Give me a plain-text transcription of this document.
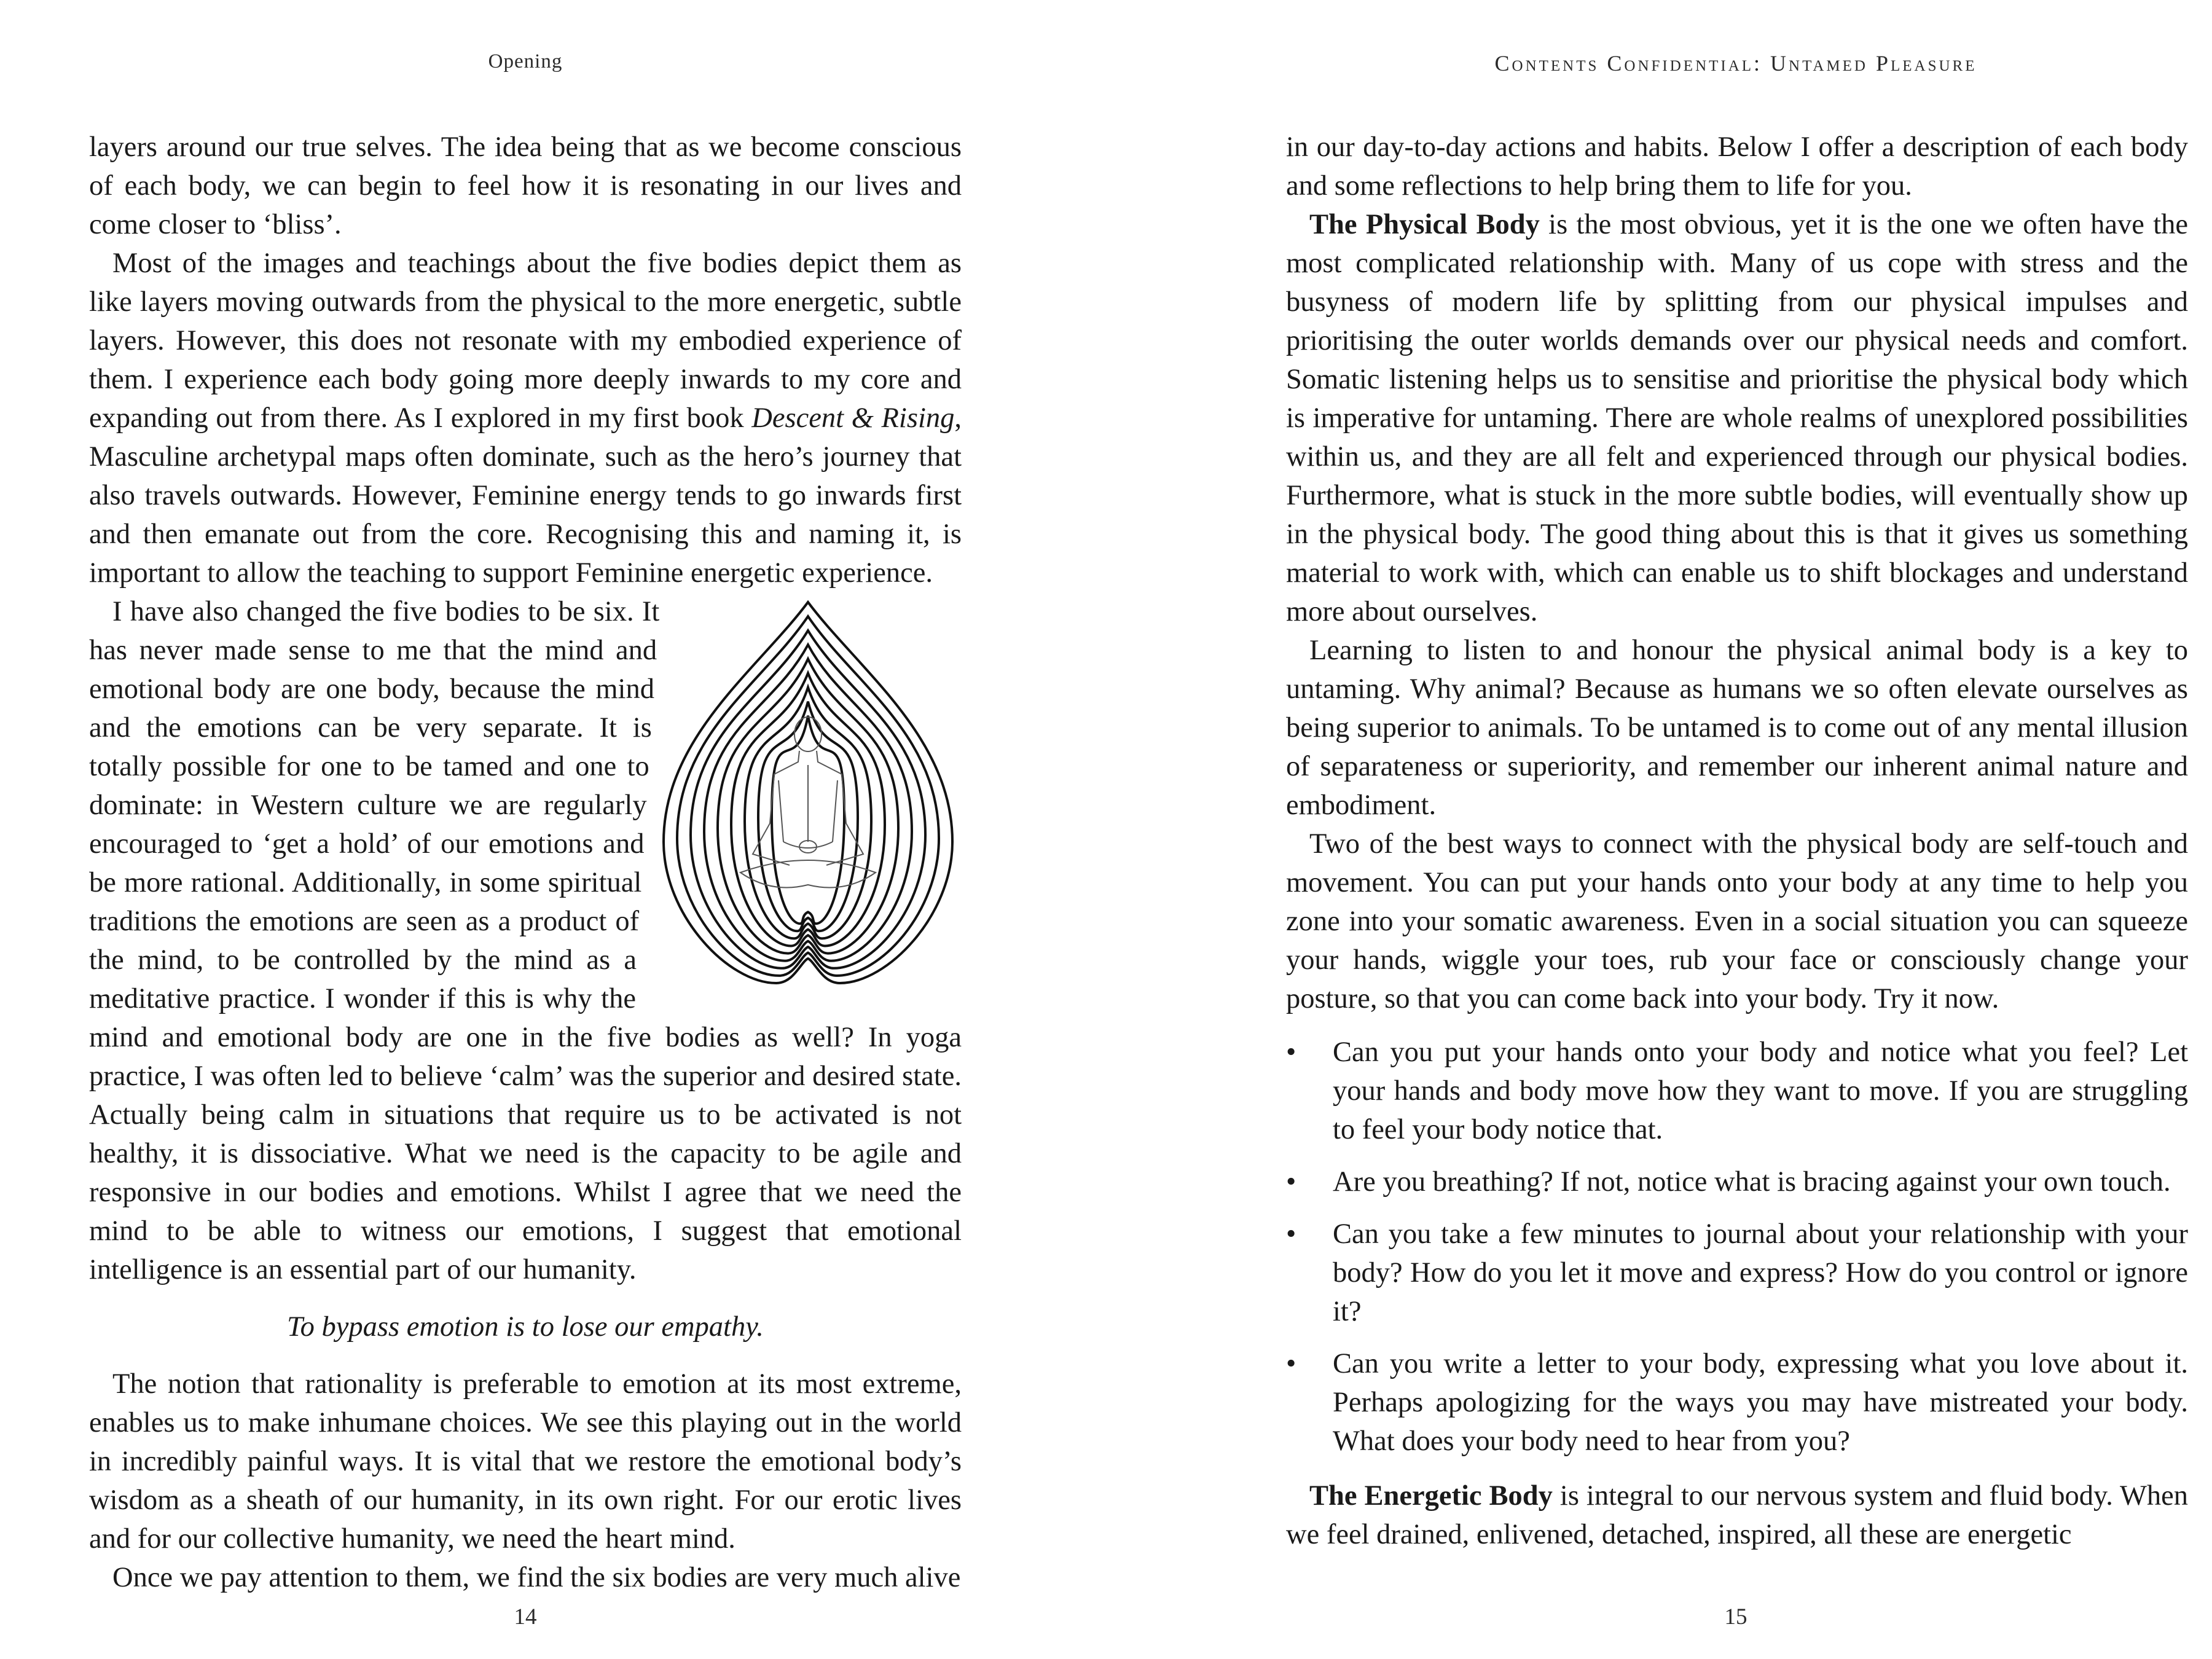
Opening

layers around our true selves. The idea being that as we become conscious of each body, we can begin to feel how it is resonating in our lives and come closer to ‘bliss’.

Most of the images and teachings about the five bodies depict them as like layers moving outwards from the physical to the more energetic, subtle layers. However, this does not resonate with my embodied experience of them. I experience each body going more deeply inwards to my core and expanding out from there. As I explored in my first book Descent & Rising, Masculine archetypal maps often dominate, such as the hero’s journey that also travels outwards. However, Feminine energy tends to go inwards first and then emanate out from the core. Recognising this and naming it, is important to allow the teaching to support Feminine energetic experience.

I have also changed the five bodies to be six. It has never made sense to me that the mind and emotional body are one body, because the mind and the emotions can be very separate. It is totally possible for one to be tamed and one to dominate: in Western culture we are regularly encouraged to ‘get a hold’ of our emotions and be more rational. Additionally, in some spiritual traditions the emotions are seen as a product of the mind, to be controlled by the mind as a meditative practice. I wonder if this is why the mind and emotional body are one in the five bodies as well? In yoga practice, I was often led to believe ‘calm’ was the superior and desired state. Actually being calm in situations that require us to be activated is not healthy, it is dissociative. What we need is the capacity to be agile and responsive in our bodies and emotions. Whilst I agree that we need the mind to be able to witness our emotions, I suggest that emotional intelligence is an essential part of our humanity.

To bypass emotion is to lose our empathy.

The notion that rationality is preferable to emotion at its most extreme, enables us to make inhumane choices. We see this playing out in the world in incredibly painful ways. It is vital that we restore the emotional body’s wisdom as a sheath of our humanity, in its own right. For our erotic lives and for our collective humanity, we need the heart mind.

Once we pay attention to them, we find the six bodies are very much alive

14
Contents Confidential: Untamed Pleasure

in our day-to-day actions and habits. Below I offer a description of each body and some reflections to help bring them to life for you.

The Physical Body is the most obvious, yet it is the one we often have the most complicated relationship with. Many of us cope with stress and the busyness of modern life by splitting from our physical impulses and prioritising the outer worlds demands over our physical needs and comfort. Somatic listening helps us to sensitise and prioritise the physical body which is imperative for untaming. There are whole realms of unexplored possibilities within us, and they are all felt and experienced through our physical bodies. Furthermore, what is stuck in the more subtle bodies, will eventually show up in the physical body. The good thing about this is that it gives us something material to work with, which can enable us to shift blockages and understand more about ourselves.

Learning to listen to and honour the physical animal body is a key to untaming. Why animal? Because as humans we so often elevate ourselves as being superior to animals. To be untamed is to come out of any mental illusion of separateness or superiority, and remember our inherent animal nature and embodiment.

Two of the best ways to connect with the physical body are self-touch and movement. You can put your hands onto your body at any time to help you zone into your somatic awareness. Even in a social situation you can squeeze your hands, wiggle your toes, rub your face or consciously change your posture, so that you can come back into your body. Try it now.

• Can you put your hands onto your body and notice what you feel? Let your hands and body move how they want to move. If you are struggling to feel your body notice that.
• Are you breathing? If not, notice what is bracing against your own touch.
• Can you take a few minutes to journal about your relationship with your body? How do you let it move and express? How do you control or ignore it?
• Can you write a letter to your body, expressing what you love about it. Perhaps apologizing for the ways you may have mistreated your body. What does your body need to hear from you?

The Energetic Body is integral to our nervous system and fluid body. When we feel drained, enlivened, detached, inspired, all these are energetic

15
